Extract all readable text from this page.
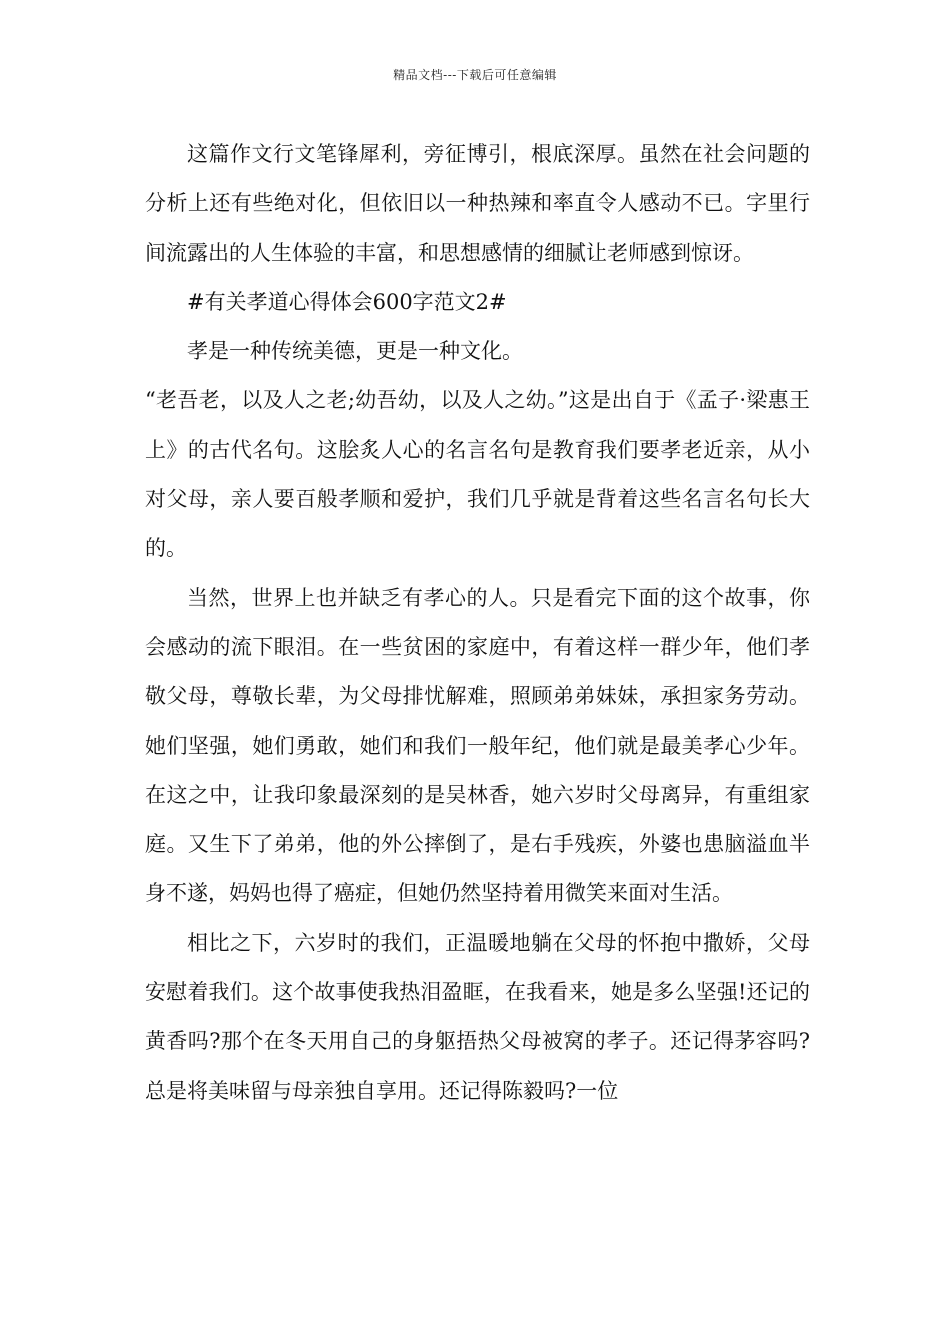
精品文档---下载后可任意编辑

这篇作文行文笔锋犀利，旁征博引，根底深厚。虽然在社会问题的分析上还有些绝对化，但依旧以一种热辣和率直令人感动不已。字里行间流露出的人生体验的丰富，和思想感情的细腻让老师感到惊讶。

#有关孝道心得体会600字范文2#

孝是一种传统美德，更是一种文化。

“老吾老，以及人之老;幼吾幼，以及人之幼。”这是出自于《孟子·梁惠王上》的古代名句。这脍炙人心的名言名句是教育我们要孝老近亲，从小对父母，亲人要百般孝顺和爱护，我们几乎就是背着这些名言名句长大的。

当然，世界上也并缺乏有孝心的人。只是看完下面的这个故事，你会感动的流下眼泪。在一些贫困的家庭中，有着这样一群少年，他们孝敬父母，尊敬长辈，为父母排忧解难，照顾弟弟妹妹，承担家务劳动。她们坚强，她们勇敢，她们和我们一般年纪，他们就是最美孝心少年。在这之中，让我印象最深刻的是吴林香，她六岁时父母离异，有重组家庭。又生下了弟弟，他的外公摔倒了，是右手残疾，外婆也患脑溢血半身不遂，妈妈也得了癌症，但她仍然坚持着用微笑来面对生活。

相比之下，六岁时的我们，正温暖地躺在父母的怀抱中撒娇，父母安慰着我们。这个故事使我热泪盈眶，在我看来，她是多么坚强!还记的黄香吗?那个在冬天用自己的身躯捂热父母被窝的孝子。还记得茅容吗?总是将美味留与母亲独自享用。还记得陈毅吗?一位
